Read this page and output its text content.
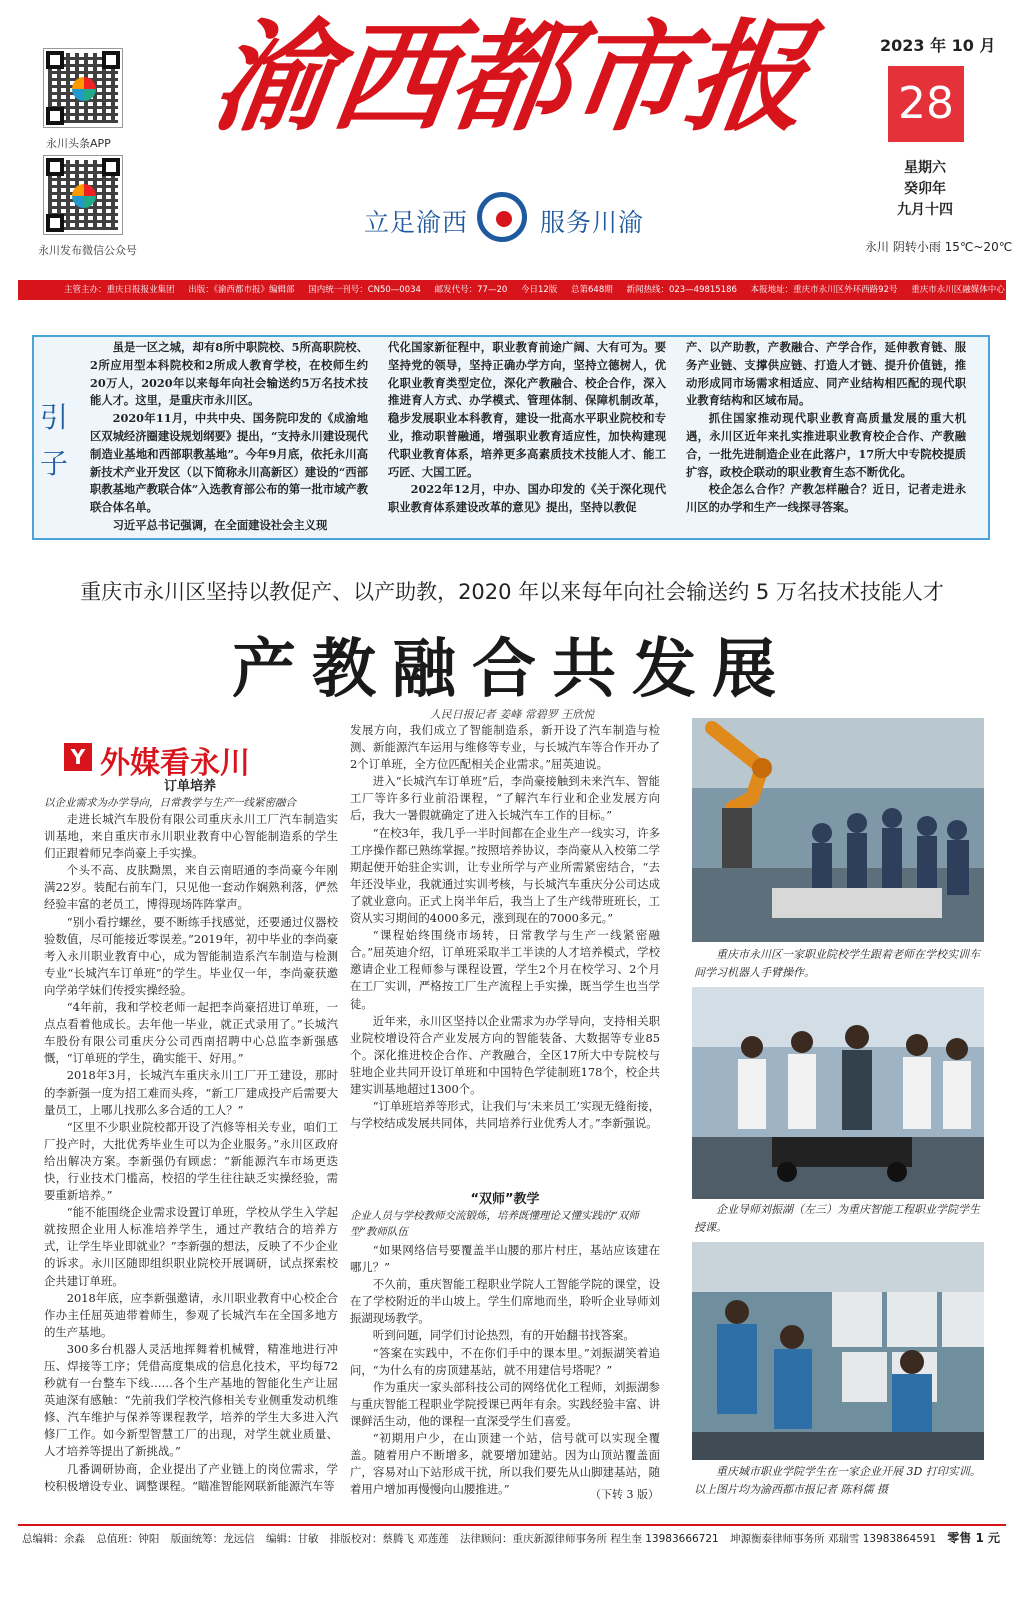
永川头条APP
永川发布微信公众号
渝西都市报
立足渝西	服务川渝
2023 年 10 月
28
星期六
癸卯年
九月十四
永川 阴转小雨 15℃~20℃
主管主办：重庆日报报业集团 出版：《渝西都市报》编辑部 国内统一刊号：CN50—0034 邮发代号：77—20 今日12版 总第648期 新闻热线：023—49815186 本报地址：重庆市永川区外环西路92号 重庆市永川区融媒体中心
引
子

虽是一区之城，却有8所中职院校、5所高职院校、2所应用型本科院校和2所成人教育学校，在校师生约20万人，2020年以来每年向社会输送约5万名技术技能人才。这里，是重庆市永川区。

2020年11月，中共中央、国务院印发的《成渝地区双城经济圈建设规划纲要》提出，“支持永川建设现代制造业基地和西部职教基地”。今年9月底，依托永川高新技术产业开发区（以下简称永川高新区）建设的“西部职教基地产教联合体”入选教育部公布的第一批市域产教联合体名单。

习近平总书记强调，在全面建设社会主义现

代化国家新征程中，职业教育前途广阔、大有可为。要坚持党的领导，坚持正确办学方向，坚持立德树人，优化职业教育类型定位，深化产教融合、校企合作，深入推进育人方式、办学模式、管理体制、保障机制改革，稳步发展职业本科教育，建设一批高水平职业院校和专业，推动职普融通，增强职业教育适应性，加快构建现代职业教育体系，培养更多高素质技术技能人才、能工巧匠、大国工匠。

2022年12月，中办、国办印发的《关于深化现代职业教育体系建设改革的意见》提出，坚持以教促

产、以产助教，产教融合、产学合作，延伸教育链、服务产业链、支撑供应链、打造人才链、提升价值链，推动形成同市场需求相适应、同产业结构相匹配的现代职业教育结构和区域布局。

抓住国家推动现代职业教育高质量发展的重大机遇，永川区近年来扎实推进职业教育校企合作、产教融合，一批先进制造企业在此落户，17所大中专院校提质扩容，政校企联动的职业教育生态不断优化。

校企怎么合作？产教怎样融合？近日，记者走进永川区的办学和生产一线探寻答案。

重庆市永川区坚持以教促产、以产助教，2020 年以来每年向社会输送约 5 万名技术技能人才
产教融合共发展
人民日报记者 姜峰 常碧罗 王欣悦
Y 外媒看永川
订单培养
以企业需求为办学导向，日常教学与生产一线紧密融合

走进长城汽车股份有限公司重庆永川工厂汽车制造实训基地，来自重庆市永川职业教育中心智能制造系的学生们正跟着师兄李尚豪上手实操。

个头不高、皮肤黝黑，来自云南昭通的李尚豪今年刚满22岁。装配右前车门，只见他一套动作娴熟利落，俨然经验丰富的老员工，博得现场阵阵掌声。

“别小看拧螺丝，要不断练手找感觉，还要通过仪器校验数值，尽可能接近零误差。”2019年，初中毕业的李尚豪考入永川职业教育中心，成为智能制造系汽车制造与检测专业“长城汽车订单班”的学生。毕业仅一年，李尚豪获邀向学弟学妹们传授实操经验。

“4年前，我和学校老师一起把李尚豪招进订单班，一点点看着他成长。去年他一毕业，就正式录用了。”长城汽车股份有限公司重庆分公司西南招聘中心总监李新强感慨，“订单班的学生，确实能干、好用。”

2018年3月，长城汽车重庆永川工厂开工建设，那时的李新强一度为招工难而头疼，“新工厂建成投产后需要大量员工，上哪儿找那么多合适的工人？”

“区里不少职业院校都开设了汽修等相关专业，咱们工厂投产时，大批优秀毕业生可以为企业服务。”永川区政府给出解决方案。李新强仍有顾虑：“新能源汽车市场更迭快，行业技术门槛高，校招的学生往往缺乏实操经验，需要重新培养。”

“能不能围绕企业需求设置订单班，学校从学生入学起就按照企业用人标准培养学生，通过产教结合的培养方式，让学生毕业即就业？”李新强的想法，反映了不少企业的诉求。永川区随即组织职业院校开展调研，试点探索校企共建订单班。

2018年底，应李新强邀请，永川职业教育中心校企合作办主任屈英迪带着师生，参观了长城汽车在全国多地方的生产基地。

300多台机器人灵活地挥舞着机械臂，精准地进行冲压、焊接等工序；凭借高度集成的信息化技术，平均每72秒就有一台整车下线……各个生产基地的智能化生产让屈英迪深有感触：“先前我们学校汽修相关专业侧重发动机维修、汽车维护与保养等课程教学，培养的学生大多进入汽修厂工作。如今新型智慧工厂的出现，对学生就业质量、人才培养等提出了新挑战。”

几番调研协商，企业提出了产业链上的岗位需求，学校积极增设专业、调整课程。“瞄准智能网联新能源汽车等

发展方向，我们成立了智能制造系，新开设了汽车制造与检测、新能源汽车运用与维修等专业，与长城汽车等合作开办了2个订单班，全方位匹配相关企业需求。”屈英迪说。

进入“长城汽车订单班”后，李尚豪接触到未来汽车、智能工厂等许多行业前沿课程，“了解汽车行业和企业发展方向后，我大一暑假就确定了进入长城汽车工作的目标。”

“在校3年，我几乎一半时间都在企业生产一线实习，许多工序操作都已熟练掌握。”按照培养协议，李尚豪从入校第二学期起便开始驻企实训，让专业所学与产业所需紧密结合，“去年还没毕业，我就通过实训考核，与长城汽车重庆分公司达成了就业意向。正式上岗半年后，我当上了生产线带班班长，工资从实习期间的4000多元，涨到现在的7000多元。”

“课程始终围绕市场转，日常教学与生产一线紧密融合。”屈英迪介绍，订单班采取半工半读的人才培养模式，学校邀请企业工程师参与课程设置，学生2个月在校学习、2个月在工厂实训，严格按工厂生产流程上手实操，既当学生也当学徒。

近年来，永川区坚持以企业需求为办学导向，支持相关职业院校增设符合产业发展方向的智能装备、大数据等专业85个。深化推进校企合作、产教融合，全区17所大中专院校与驻地企业共同开设订单班和中国特色学徒制班178个，校企共建实训基地超过1300个。

“订单班培养等形式，让我们与‘未来员工’实现无缝衔接，与学校结成发展共同体，共同培养行业优秀人才。”李新强说。

“双师”教学
企业人员与学校教师交流锻炼，培养既懂理论又懂实践的“双师型”教师队伍

“如果网络信号要覆盖半山腰的那片村庄，基站应该建在哪儿？”

不久前，重庆智能工程职业学院人工智能学院的课堂，设在了学校附近的半山坡上。学生们席地而坐，聆听企业导师刘振湖现场教学。

听到问题，同学们讨论热烈，有的开始翻书找答案。

“答案在实践中，不在你们手中的课本里。”刘振湖笑着追问，“为什么有的房顶建基站，就不用建信号塔呢？”

作为重庆一家头部科技公司的网络优化工程师，刘振湖参与重庆智能工程职业学院授课已两年有余。实践经验丰富、讲课鲜活生动，他的课程一直深受学生们喜爱。

“初期用户少，在山顶建一个站，信号就可以实现全覆盖。随着用户不断增多，就要增加建站。因为山顶站覆盖面广，容易对山下站形成干扰，所以我们要先从山脚建基站，随着用户增加再慢慢向山腰推进。”	（下转 3 版）
重庆市永川区一家职业院校学生跟着老师在学校实训车间学习机器人手臂操作。
企业导师刘振湖（左三）为重庆智能工程职业学院学生授课。
重庆城市职业学院学生在一家企业开展 3D 打印实训。 以上图片均为渝西都市报记者 陈科儒 摄
总编辑：余淼 总值班：钟阳 版面统筹：龙远信 编辑：甘敏 排版校对：蔡腾飞 邓莲莲 法律顾问：重庆新源律师事务所 程生奎 13983666721 坤源衡泰律师事务所 邓瑞雪 13983864591 零售 1 元
